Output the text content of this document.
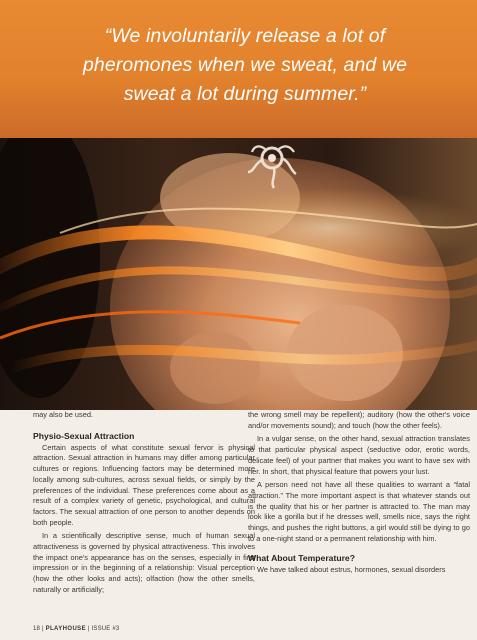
“We involuntarily release a lot of
pheromones when we sweat, and we
sweat a lot during summer.”

may also be used.

Physio-Sexual Attraction

Certain aspects of what constitute sexual fervor is physical attraction. Sexual attraction in humans may differ among particular cultures or regions. Influencing factors may be determined more locally among sub-cultures, across sexual fields, or simply by the preferences of the individual. These preferences come about as a result of a complex variety of genetic, psychological, and cultural factors. The sexual attraction of one person to another depends on both people.

In a scientifically descriptive sense, much of human sexual attractiveness is governed by physical attractiveness. This involves the impact one's appearance has on the senses, especially in first impression or in the beginning of a relationship: Visual perception (how the other looks and acts); olfaction (how the other smells, naturally or artificially;

the wrong smell may be repellent); auditory (how the other's voice and/or movements sound); and touch (how the other feels).

In a vulgar sense, on the other hand, sexual attraction translates to that particular physical aspect (seductive odor, erotic words, delicate feel) of your partner that makes you want to have sex with her. In short, that physical feature that powers your lust.

A person need not have all these qualities to warrant a “fatal attraction.” The more important aspect is that whatever stands out is the quality that his or her partner is attracted to. The man may look like a gorilla but if he dresses well, smells nice, says the right things, and pushes the right buttons, a girl would still be dying to go to a one-night stand or a permanent relationship with him.

What About Temperature?

We have talked about estrus, hormones, sexual disorders

18 | PLAYHOUSE | ISSUE #3
